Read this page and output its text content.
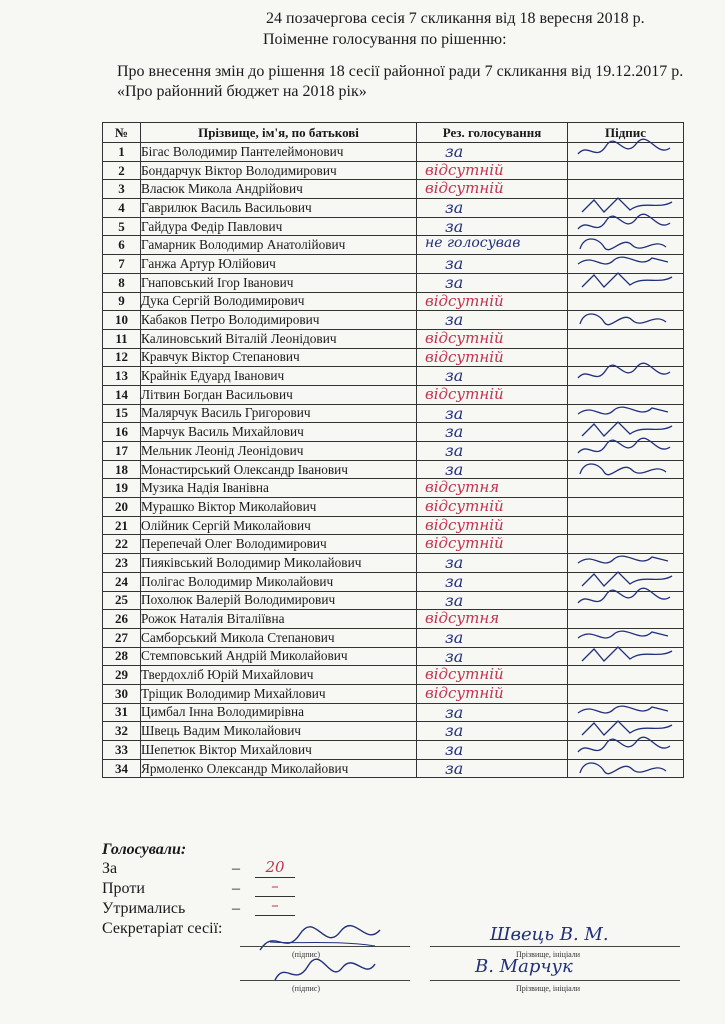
24 позачергова сесія 7 скликання від 18 вересня 2018 р.
Поіменне голосування по рішенню:
Про внесення змін до рішення 18 сесії районної ради 7 скликання від 19.12.2017 р. «Про районний бюджет на 2018 рік»
№	Прізвище, ім'я, по батькові	Рез. голосування	Підпис
1	Бігас Володимир Пантелеймонович	за

2	Бондарчук Віктор Володимирович	відсутній	

3	Власюк Микола Андрійович	відсутній	

4	Гаврилюк Василь Васильович	за

5	Гайдура Федір Павлович	за

6	Гамарник Володимир Анатолійович	не голосував

7	Ганжа Артур Юлійович	за

8	Гнаповський Ігор Іванович	за

9	Дука Сергій Володимирович	відсутній	

10	Кабаков Петро Володимирович	за

11	Калиновський Віталій Леонідович	відсутній	

12	Кравчук Віктор Степанович	відсутній	

13	Крайнік Едуард Іванович	за

14	Літвин Богдан Васильович	відсутній	

15	Малярчук Василь Григорович	за

16	Марчук Василь Михайлович	за

17	Мельник Леонід Леонідович	за

18	Монастирський Олександр Іванович	за

19	Музика Надія Іванівна	відсутня	

20	Мурашко Віктор Миколайович	відсутній	

21	Олійник Сергій Миколайович	відсутній	

22	Перепечай Олег Володимирович	відсутній	

23	Пияківський Володимир Миколайович	за

24	Полігас Володимир Миколайович	за

25	Похолюк Валерій Володимирович	за

26	Рожок Наталія Віталіївна	відсутня	

27	Самборський Микола Степанович	за

28	Стемповський Андрій Миколайович	за

29	Твердохліб Юрій Михайлович	відсутній	

30	Тріщик Володимир Михайлович	відсутній	

31	Цимбал Інна Володимирівна	за

32	Швець Вадим Миколайович	за

33	Шепетюк Віктор Михайлович	за

34	Ярмоленко Олександр Миколайович	за

Голосували:
За	–	20
Проти	–	–
Утримались	–	–
Секретаріат сесії:
(підпис)
Швець В. М.
Прізвище, ініціали
(підпис)
В. Марчук
Прізвище, ініціали
